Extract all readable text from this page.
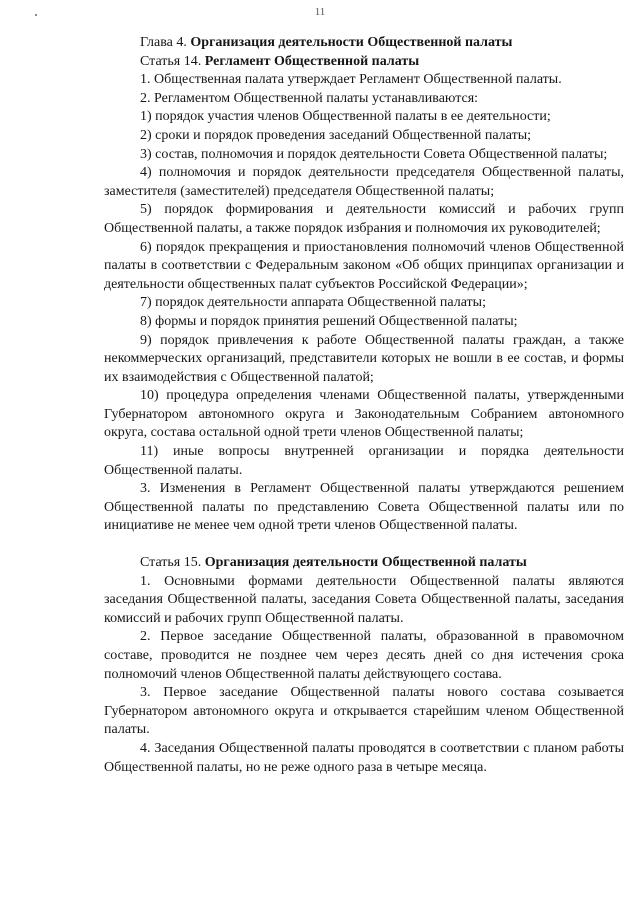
11

Глава 4. Организация деятельности Общественной палаты

Статья 14. Регламент Общественной палаты

1. Общественная палата утверждает Регламент Общественной палаты.

2. Регламентом Общественной палаты устанавливаются:

1) порядок участия членов Общественной палаты в ее деятельности;

2) сроки и порядок проведения заседаний Общественной палаты;

3) состав, полномочия и порядок деятельности Совета Общественной палаты;

4) полномочия и порядок деятельности председателя Общественной палаты, заместителя (заместителей) председателя Общественной палаты;

5) порядок формирования и деятельности комиссий и рабочих групп Общественной палаты, а также порядок избрания и полномочия их руководителей;

6) порядок прекращения и приостановления полномочий членов Общественной палаты в соответствии с Федеральным законом «Об общих принципах организации и деятельности общественных палат субъектов Российской Федерации»;

7) порядок деятельности аппарата Общественной палаты;

8) формы и порядок принятия решений Общественной палаты;

9) порядок привлечения к работе Общественной палаты граждан, а также некоммерческих организаций, представители которых не вошли в ее состав, и формы их взаимодействия с Общественной палатой;

10) процедура определения членами Общественной палаты, утвержденными Губернатором автономного округа и Законодательным Собранием автономного округа, состава остальной одной трети членов Общественной палаты;

11) иные вопросы внутренней организации и порядка деятельности Общественной палаты.

3. Изменения в Регламент Общественной палаты утверждаются решением Общественной палаты по представлению Совета Общественной палаты или по инициативе не менее чем одной трети членов Общественной палаты.

Статья 15. Организация деятельности Общественной палаты

1. Основными формами деятельности Общественной палаты являются заседания Общественной палаты, заседания Совета Общественной палаты, заседания комиссий и рабочих групп Общественной палаты.

2. Первое заседание Общественной палаты, образованной в правомочном составе, проводится не позднее чем через десять дней со дня истечения срока полномочий членов Общественной палаты действующего состава.

3. Первое заседание Общественной палаты нового состава созывается Губернатором автономного округа и открывается старейшим членом Общественной палаты.

4. Заседания Общественной палаты проводятся в соответствии с планом работы Общественной палаты, но не реже одного раза в четыре месяца.
